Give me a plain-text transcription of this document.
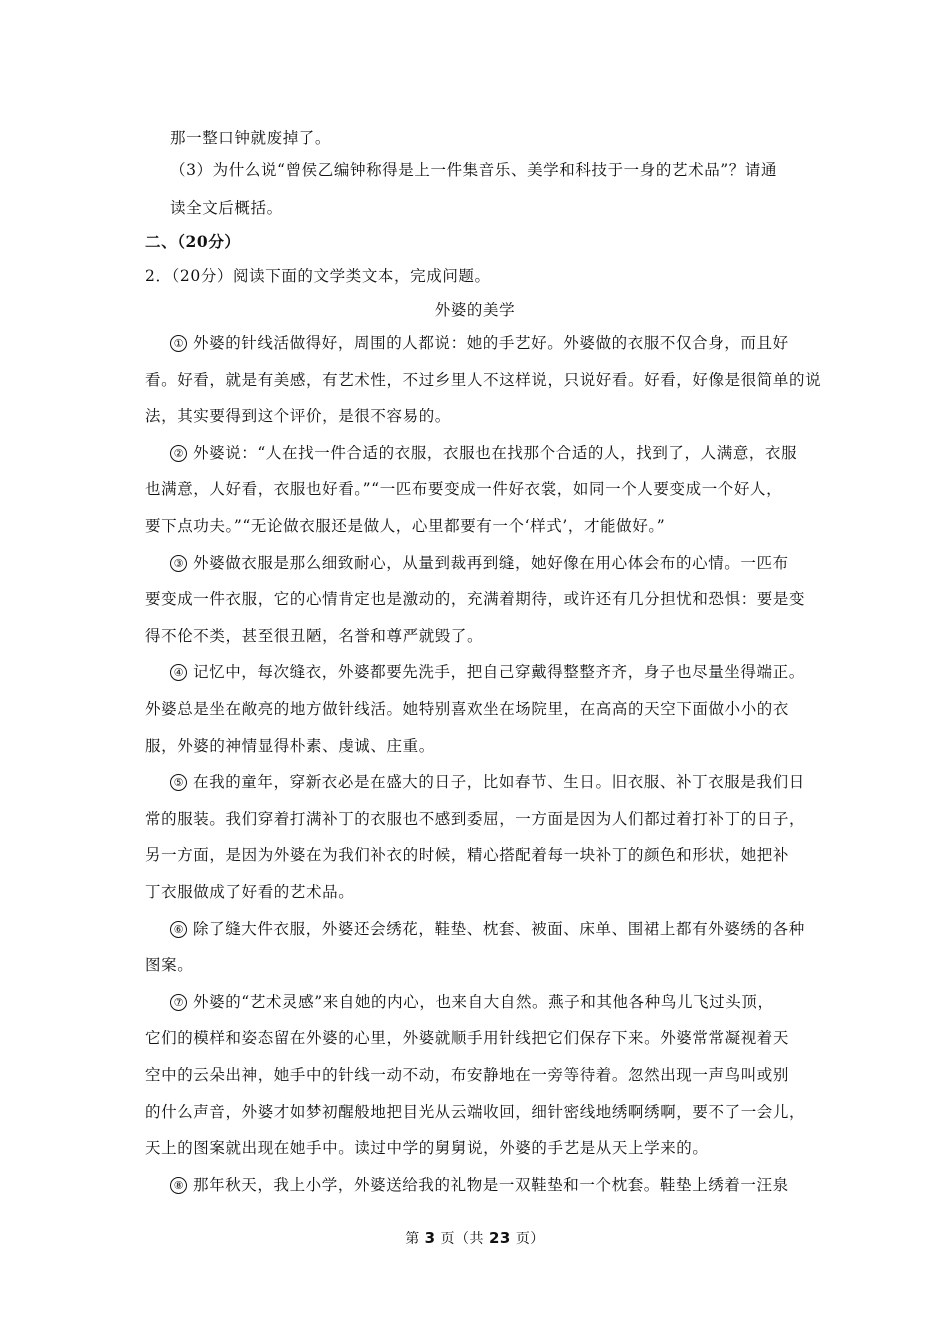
那一整口钟就废掉了。
（3）为什么说“曾侯乙编钟称得是上一件集音乐、美学和科技于一身的艺术品”？请通
读全文后概括。
二、（20分）
2．（20分）阅读下面的文学类文本，完成问题。
外婆的美学
① 外婆的针线活做得好，周围的人都说：她的手艺好。外婆做的衣服不仅合身，而且好
看。好看，就是有美感，有艺术性，不过乡里人不这样说，只说好看。好看，好像是很简单的说
法，其实要得到这个评价，是很不容易的。
② 外婆说：“人在找一件合适的衣服，衣服也在找那个合适的人，找到了，人满意，衣服
也满意，人好看，衣服也好看。”“一匹布要变成一件好衣裳，如同一个人要变成一个好人，
要下点功夫。”“无论做衣服还是做人，心里都要有一个‘样式’，才能做好。”
③ 外婆做衣服是那么细致耐心，从量到裁再到缝，她好像在用心体会布的心情。一匹布
要变成一件衣服，它的心情肯定也是激动的，充满着期待，或许还有几分担忧和恐惧：要是变
得不伦不类，甚至很丑陋，名誉和尊严就毁了。
④ 记忆中，每次缝衣，外婆都要先洗手，把自己穿戴得整整齐齐，身子也尽量坐得端正。
外婆总是坐在敞亮的地方做针线活。她特别喜欢坐在场院里，在高高的天空下面做小小的衣
服，外婆的神情显得朴素、虔诚、庄重。
⑤ 在我的童年，穿新衣必是在盛大的日子，比如春节、生日。旧衣服、补丁衣服是我们日
常的服装。我们穿着打满补丁的衣服也不感到委屈，一方面是因为人们都过着打补丁的日子，
另一方面，是因为外婆在为我们补衣的时候，精心搭配着每一块补丁的颜色和形状，她把补
丁衣服做成了好看的艺术品。
⑥ 除了缝大件衣服，外婆还会绣花，鞋垫、枕套、被面、床单、围裙上都有外婆绣的各种
图案。
⑦ 外婆的“艺术灵感”来自她的内心，也来自大自然。燕子和其他各种鸟儿飞过头顶，
它们的模样和姿态留在外婆的心里，外婆就顺手用针线把它们保存下来。外婆常常凝视着天
空中的云朵出神，她手中的针线一动不动，布安静地在一旁等待着。忽然出现一声鸟叫或别
的什么声音，外婆才如梦初醒般地把目光从云端收回，细针密线地绣啊绣啊，要不了一会儿，
天上的图案就出现在她手中。读过中学的舅舅说，外婆的手艺是从天上学来的。
⑧ 那年秋天，我上小学，外婆送给我的礼物是一双鞋垫和一个枕套。鞋垫上绣着一汪泉
第 3 页（共 23 页）
